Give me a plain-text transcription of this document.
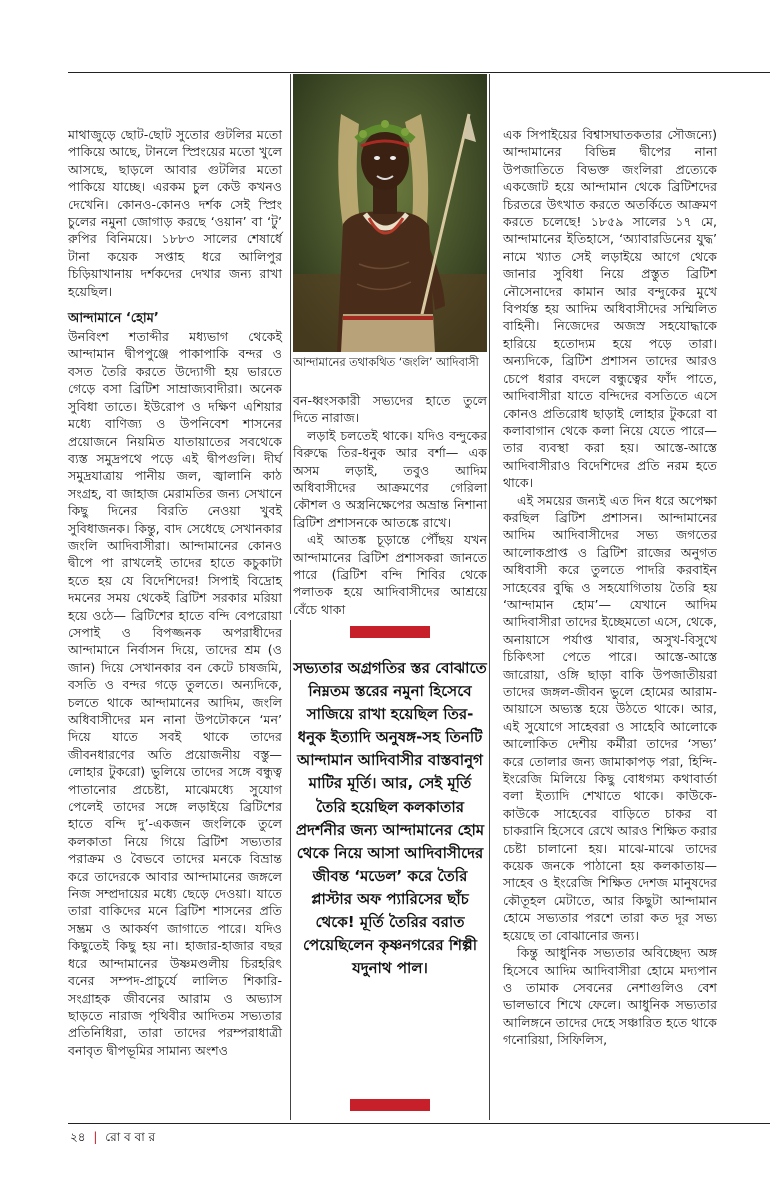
মাথাজুড়ে ছোট-ছোট সুতোর গুটলির মতো পাকিয়ে আছে, টানলে স্প্রিংয়ের মতো খুলে আসছে, ছাড়লে আবার গুটলির মতো পাকিয়ে যাচ্ছে। এরকম চুল কেউ কখনও দেখেনি। কোনও-কোনও দর্শক সেই স্প্রিং চুলের নমুনা জোগাড় করছে ‘ওয়ান’ বা ‘টু’ রুপির বিনিময়ে। ১৮৮৩ সালের শেষার্ধে টানা কয়েক সপ্তাহ ধরে আলিপুর চিড়িয়াখানায় দর্শকদের দেখার জন্য রাখা হয়েছিল।

আন্দামানে ‘হোম’

উনবিংশ শতাব্দীর মধ্যভাগ থেকেই আন্দামান দ্বীপপুঞ্জে পাকাপাকি বন্দর ও বসত তৈরি করতে উদ্যোগী হয় ভারতে গেড়ে বসা ব্রিটিশ সাম্রাজ্যবাদীরা। অনেক সুবিধা তাতে। ইউরোপ ও দক্ষিণ এশিয়ার মধ্যে বাণিজ্য ও উপনিবেশ শাসনের প্রয়োজনে নিয়মিত যাতায়াতের সবথেকে ব্যস্ত সমুদ্রপথে পড়ে এই দ্বীপগুলি। দীর্ঘ সমুদ্রযাত্রায় পানীয় জল, জ্বালানি কাঠ সংগ্রহ, বা জাহাজ মেরামতির জন্য সেখানে কিছু দিনের বিরতি নেওয়া খুবই সুবিধাজনক। কিন্তু, বাদ সেধেছে সেখানকার জংলি আদিবাসীরা। আন্দামানের কোনও দ্বীপে পা রাখলেই তাদের হাতে কচুকাটা হতে হয় যে বিদেশিদের! সিপাই বিদ্রোহ দমনের সময় থেকেই ব্রিটিশ সরকার মরিয়া হয়ে ওঠে— ব্রিটিশের হাতে বন্দি বেপরোয়া সেপাই ও বিপজ্জনক অপরাধীদের আন্দামানে নির্বাসন দিয়ে, তাদের শ্রম (ও জান) দিয়ে সেখানকার বন কেটে চাষজমি, বসতি ও বন্দর গড়ে তুলতে। অন্যদিকে, চলতে থাকে আন্দামানের আদিম, জংলি অধিবাসীদের মন নানা উপঢৌকনে ‘মন’ দিয়ে যাতে সবই থাকে তাদের জীবনধারণের অতি প্রয়োজনীয় বস্তু— লোহার টুকরো) ভুলিয়ে তাদের সঙ্গে বন্ধুত্ব পাতানোর প্রচেষ্টা, মাঝেমধ্যে সুযোগ পেলেই তাদের সঙ্গে লড়াইয়ে ব্রিটিশের হাতে বন্দি দু’-একজন জংলিকে তুলে কলকাতা নিয়ে গিয়ে ব্রিটিশ সভ্যতার পরাক্রম ও বৈভবে তাদের মনকে বিভ্রান্ত করে তাদেরকে আবার আন্দামানের জঙ্গলে নিজ সম্প্রদায়ের মধ্যে ছেড়ে দেওয়া। যাতে তারা বাকিদের মনে ব্রিটিশ শাসনের প্রতি সম্ভ্রম ও আকর্ষণ জাগাতে পারে। যদিও কিছুতেই কিছু হয় না। হাজার-হাজার বছর ধরে আন্দামানের উষ্ণমণ্ডলীয় চিরহরিৎ বনের সম্পদ-প্রাচুর্যে লালিত শিকারি-সংগ্রাহক জীবনের আরাম ও অভ্যাস ছাড়তে নারাজ পৃথিবীর আদিতম সভ্যতার প্রতিনিধিরা, তারা তাদের পরম্পরাধাত্রী বনাবৃত দ্বীপভূমির সামান্য অংশও

আন্দামানের তথাকথিত ‘জংলি’ আদিবাসী

বন-ধ্বংসকারী সভ্যদের হাতে তুলে দিতে নারাজ।

লড়াই চলতেই থাকে। যদিও বন্দুকের বিরুদ্ধে তির-ধনুক আর বর্শা— এক অসম লড়াই, তবুও আদিম অধিবাসীদের আক্রমণের গেরিলা কৌশল ও অস্ত্রনিক্ষেপের অভ্রান্ত নিশানা ব্রিটিশ প্রশাসনকে আতঙ্কে রাখে।

এই আতঙ্ক চূড়ান্তে পৌঁছয় যখন আন্দামানের ব্রিটিশ প্রশাসকরা জানতে পারে (ব্রিটিশ বন্দি শিবির থেকে পলাতক হয়ে আদিবাসীদের আশ্রয়ে বেঁচে থাকা

সভ্যতার অগ্রগতির স্তর বোঝাতে নিম্নতম স্তরের নমুনা হিসেবে সাজিয়ে রাখা হয়েছিল তির-ধনুক ইত্যাদি অনুষঙ্গ-সহ তিনটি আন্দামান আদিবাসীর বাস্তবানুগ মাটির মূর্তি। আর, সেই মূর্তি তৈরি হয়েছিল কলকাতার প্রদর্শনীর জন্য আন্দামানের হোম থেকে নিয়ে আসা আদিবাসীদের জীবন্ত ‘মডেল’ করে তৈরি প্লাস্টার অফ প্যারিসের ছাঁচ থেকে! মূর্তি তৈরির বরাত পেয়েছিলেন কৃষ্ণনগরের শিল্পী যদুনাথ পাল।

এক সিপাইয়ের বিশ্বাসঘাতকতার সৌজন্যে) আন্দামানের বিভিন্ন দ্বীপের নানা উপজাতিতে বিভক্ত জংলিরা প্রত্যেকে একজোট হয়ে আন্দামান থেকে ব্রিটিশদের চিরতরে উৎখাত করতে অতর্কিতে আক্রমণ করতে চলেছে! ১৮৫৯ সালের ১৭ মে, আন্দামানের ইতিহাসে, ‘অ্যাবারডিনের যুদ্ধ’ নামে খ্যাত সেই লড়াইয়ে আগে থেকে জানার সুবিধা নিয়ে প্রস্তুত ব্রিটিশ নৌসেনাদের কামান আর বন্দুকের মুখে বিপর্যস্ত হয় আদিম অধিবাসীদের সম্মিলিত বাহিনী। নিজেদের অজস্র সহযোদ্ধাকে হারিয়ে হতোদ্যম হয়ে পড়ে তারা। অন্যদিকে, ব্রিটিশ প্রশাসন তাদের আরও চেপে ধরার বদলে বন্ধুত্বের ফাঁদ পাতে, আদিবাসীরা যাতে বন্দিদের বসতিতে এসে কোনও প্রতিরোধ ছাড়াই লোহার টুকরো বা কলাবাগান থেকে কলা নিয়ে যেতে পারে— তার ব্যবস্থা করা হয়। আস্তে-আস্তে আদিবাসীরাও বিদেশিদের প্রতি নরম হতে থাকে।

এই সময়ের জন্যই এত দিন ধরে অপেক্ষা করছিল ব্রিটিশ প্রশাসন। আন্দামানের আদিম আদিবাসীদের সভ্য জগতের আলোকপ্রাপ্ত ও ব্রিটিশ রাজের অনুগত অধিবাসী করে তুলতে পাদরি করবাইন সাহেবের বুদ্ধি ও সহযোগিতায় তৈরি হয় ‘আন্দামান হোম’— যেখানে আদিম আদিবাসীরা তাদের ইচ্ছেমতো এসে, থেকে, অনায়াসে পর্যাপ্ত খাবার, অসুখ-বিসুখে চিকিৎসা পেতে পারে। আস্তে-আস্তে জারোয়া, ওঙ্গি ছাড়া বাকি উপজাতীয়রা তাদের জঙ্গল-জীবন ভুলে হোমের আরাম-আয়াসে অভ্যস্ত হয়ে উঠতে থাকে। আর, এই সুযোগে সাহেবরা ও সাহেবি আলোকে আলোকিত দেশীয় কর্মীরা তাদের ‘সভ্য’ করে তোলার জন্য জামাকাপড় পরা, হিন্দি-ইংরেজি মিলিয়ে কিছু বোধগম্য কথাবার্তা বলা ইত্যাদি শেখাতে থাকে। কাউকে-কাউকে সাহেবের বাড়িতে চাকর বা চাকরানি হিসেবে রেখে আরও শিক্ষিত করার চেষ্টা চালানো হয়। মাঝে-মাঝে তাদের কয়েক জনকে পাঠানো হয় কলকাতায়— সাহেব ও ইংরেজি শিক্ষিত দেশজ মানুষদের কৌতূহল মেটাতে, আর কিছুটা আন্দামান হোমে সভ্যতার পরশে তারা কত দূর সভ্য হয়েছে তা বোঝানোর জন্য।

কিন্তু আধুনিক সভ্যতার অবিচ্ছেদ্য অঙ্গ হিসেবে আদিম আদিবাসীরা হোমে মদ্যপান ও তামাক সেবনের নেশাগুলিও বেশ ভালভাবে শিখে ফেলে। আধুনিক সভ্যতার আলিঙ্গনে তাদের দেহে সঞ্চারিত হতে থাকে গনোরিয়া, সিফিলিস,

২৪ | রো ব বা র
